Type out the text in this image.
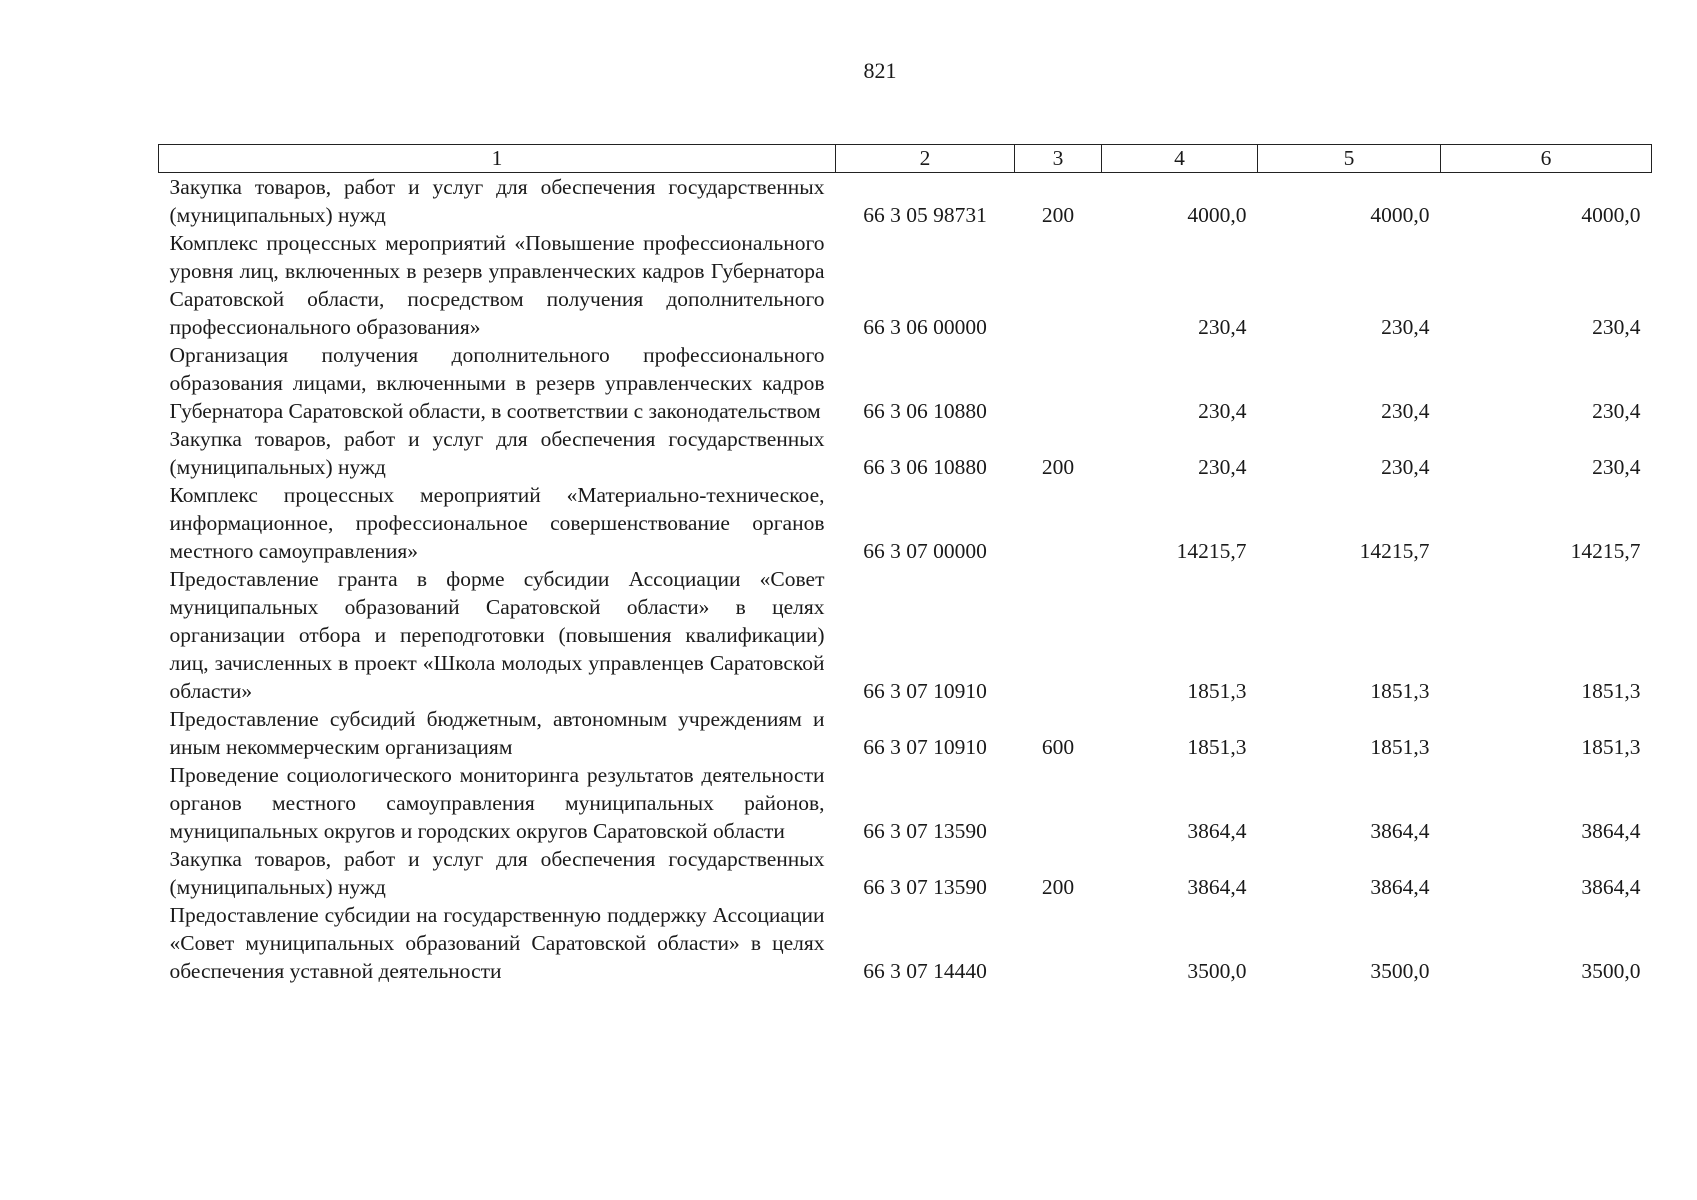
821
1	2	3	4	5	6
Закупка товаров, работ и услуг для обеспечения государственных (муниципальных) нужд	66 3 05 98731	200	4000,0	4000,0	4000,0
Комплекс процессных мероприятий «Повышение профессионального уровня лиц, включенных в резерв управленческих кадров Губернатора Саратовской области, посредством получения дополнительного профессионального образования»	66 3 06 00000		230,4	230,4	230,4
Организация получения дополнительного профессионального образования лицами, включенными в резерв управленческих кадров Губернатора Саратовской области, в соответствии с законодательством	66 3 06 10880		230,4	230,4	230,4
Закупка товаров, работ и услуг для обеспечения государственных (муниципальных) нужд	66 3 06 10880	200	230,4	230,4	230,4
Комплекс процессных мероприятий «Материально-техническое, информационное, профессиональное совершенствование органов местного самоуправления»	66 3 07 00000		14215,7	14215,7	14215,7
Предоставление гранта в форме субсидии Ассоциации «Совет муниципальных образований Саратовской области» в целях организации отбора и переподготовки (повышения квалификации) лиц, зачисленных в проект «Школа молодых управленцев Саратовской области»	66 3 07 10910		1851,3	1851,3	1851,3
Предоставление субсидий бюджетным, автономным учреждениям и иным некоммерческим организациям	66 3 07 10910	600	1851,3	1851,3	1851,3
Проведение социологического мониторинга результатов деятельности органов местного самоуправления муниципальных районов, муниципальных округов и городских округов Саратовской области	66 3 07 13590		3864,4	3864,4	3864,4
Закупка товаров, работ и услуг для обеспечения государственных (муниципальных) нужд	66 3 07 13590	200	3864,4	3864,4	3864,4
Предоставление субсидии на государственную поддержку Ассоциации «Совет муниципальных образований Саратовской области» в целях обеспечения уставной деятельности	66 3 07 14440		3500,0	3500,0	3500,0
